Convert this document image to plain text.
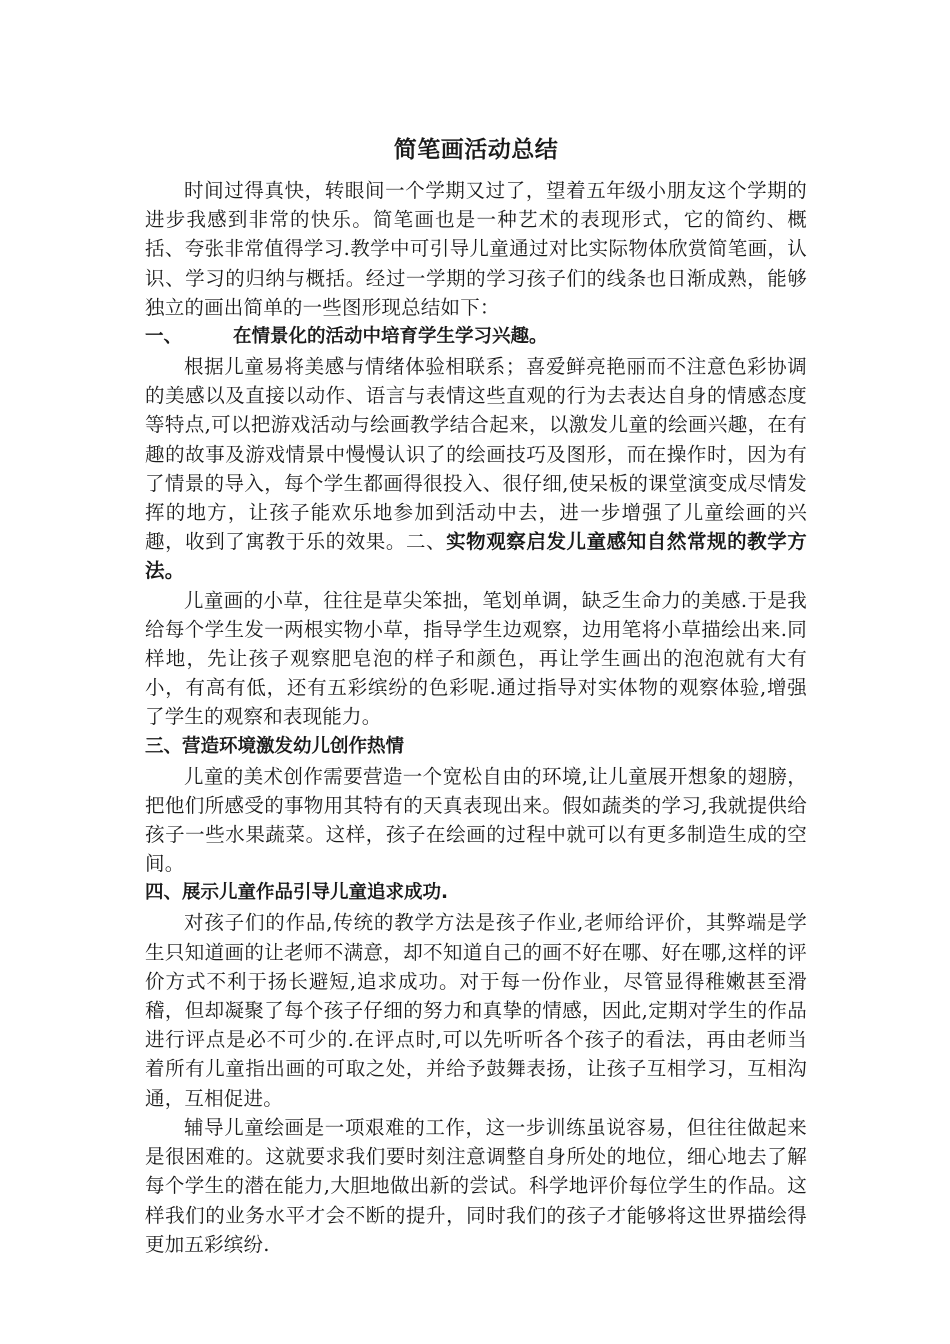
简笔画活动总结

时间过得真快，转眼间一个学期又过了，望着五年级小朋友这个学期的进步我感到非常的快乐。简笔画也是一种艺术的表现形式，它的简约、概括、夸张非常值得学习.教学中可引导儿童通过对比实际物体欣赏简笔画，认识、学习的归纳与概括。经过一学期的学习孩子们的线条也日渐成熟，能够独立的画出简单的一些图形现总结如下：

一、	在情景化的活动中培育学生学习兴趣。

根据儿童易将美感与情绪体验相联系；喜爱鲜亮艳丽而不注意色彩协调的美感以及直接以动作、语言与表情这些直观的行为去表达自身的情感态度等特点,可以把游戏活动与绘画教学结合起来，以激发儿童的绘画兴趣，在有趣的故事及游戏情景中慢慢认识了的绘画技巧及图形，而在操作时，因为有了情景的导入，每个学生都画得很投入、很仔细,使呆板的课堂演变成尽情发挥的地方，让孩子能欢乐地参加到活动中去，进一步增强了儿童绘画的兴趣，收到了寓教于乐的效果。二、实物观察启发儿童感知自然常规的教学方法。

儿童画的小草，往往是草尖笨拙，笔划单调，缺乏生命力的美感.于是我给每个学生发一两根实物小草，指导学生边观察，边用笔将小草描绘出来.同样地，先让孩子观察肥皂泡的样子和颜色，再让学生画出的泡泡就有大有小，有高有低，还有五彩缤纷的色彩呢.通过指导对实体物的观察体验,增强了学生的观察和表现能力。

三、营造环境激发幼儿创作热情

儿童的美术创作需要营造一个宽松自由的环境,让儿童展开想象的翅膀，把他们所感受的事物用其特有的天真表现出来。假如蔬类的学习,我就提供给孩子一些水果蔬菜。这样，孩子在绘画的过程中就可以有更多制造生成的空间。

四、展示儿童作品引导儿童追求成功.

对孩子们的作品,传统的教学方法是孩子作业,老师给评价，其弊端是学生只知道画的让老师不满意，却不知道自己的画不好在哪、好在哪,这样的评价方式不利于扬长避短,追求成功。对于每一份作业，尽管显得稚嫩甚至滑稽，但却凝聚了每个孩子仔细的努力和真挚的情感，因此,定期对学生的作品进行评点是必不可少的.在评点时,可以先听听各个孩子的看法，再由老师当着所有儿童指出画的可取之处，并给予鼓舞表扬，让孩子互相学习，互相沟通，互相促进。

辅导儿童绘画是一项艰难的工作，这一步训练虽说容易，但往往做起来是很困难的。这就要求我们要时刻注意调整自身所处的地位，细心地去了解每个学生的潜在能力,大胆地做出新的尝试。科学地评价每位学生的作品。这样我们的业务水平才会不断的提升，同时我们的孩子才能够将这世界描绘得更加五彩缤纷.
